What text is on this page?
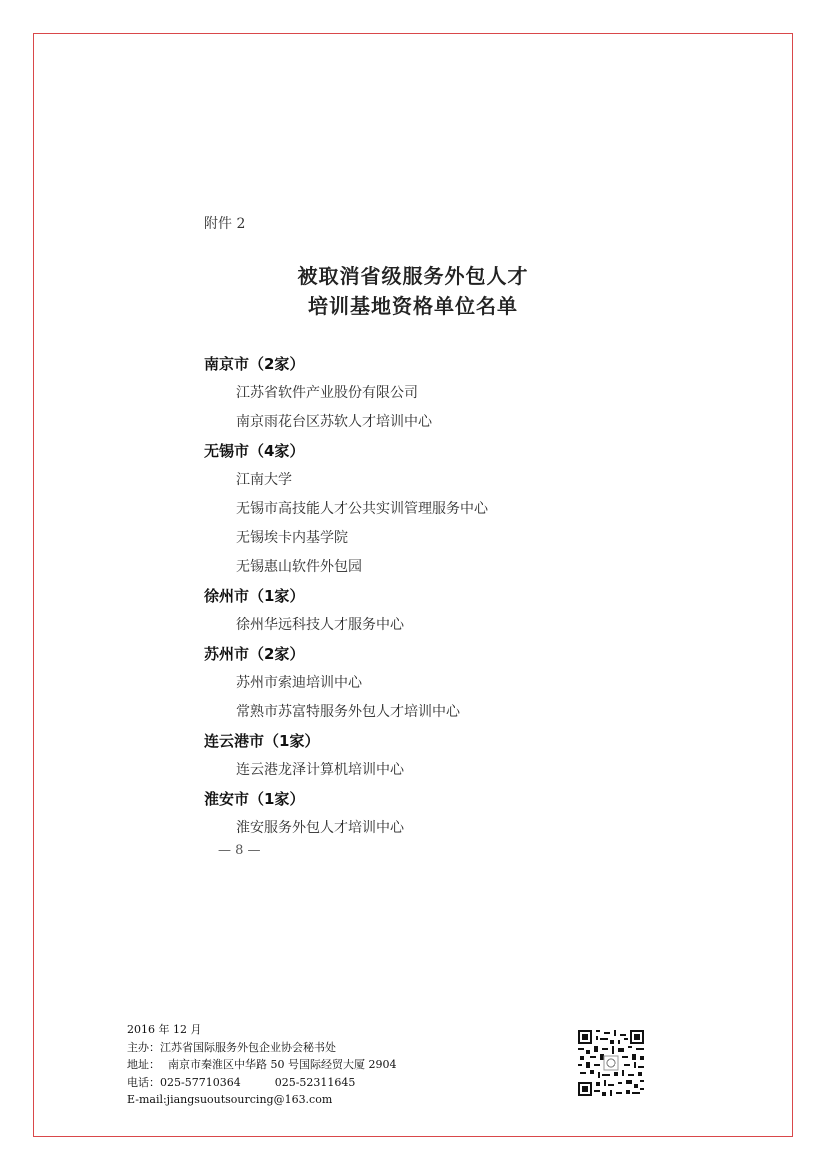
附件 2
被取消省级服务外包人才
培训基地资格单位名单
南京市（2家）
江苏省软件产业股份有限公司
南京雨花台区苏软人才培训中心
无锡市（4家）
江南大学
无锡市高技能人才公共实训管理服务中心
无锡埃卡内基学院
无锡惠山软件外包园
徐州市（1家）
徐州华远科技人才服务中心
苏州市（2家）
苏州市索迪培训中心
常熟市苏富特服务外包人才培训中心
连云港市（1家）
连云港龙泽计算机培训中心
淮安市（1家）
淮安服务外包人才培训中心
— 8 —
2016 年 12 月
主办：江苏省国际服务外包企业协会秘书处
地址： 南京市秦淮区中华路 50 号国际经贸大厦 2904
电话：025-57710364	025-52311645
E-mail:jiangsuoutsourcing@163.com
